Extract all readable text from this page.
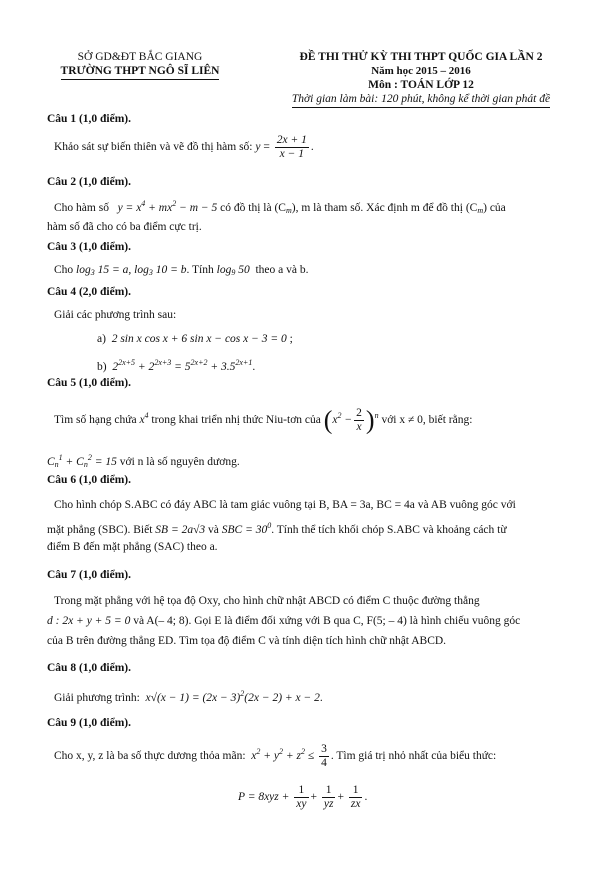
SỞ GD&ĐT BẮC GIANG
TRƯỜNG THPT NGÔ SĨ LIÊN
ĐỀ THI THỬ KỲ THI THPT QUỐC GIA LẦN 2
Năm học 2015 – 2016
Môn : TOÁN LỚP 12
Thời gian làm bài: 120 phút, không kể thời gian phát đề
Câu 1 (1,0 điểm).
Khảo sát sự biến thiên và vẽ đồ thị hàm số: $y = \frac{2x + 1}{x - 1}$ .
Câu 2 (1,0 điểm).
Cho hàm số $y = x^4 + mx^2 - m - 5$ có đồ thị là $(C_m)$, m là tham số. Xác định m để đồ thị $(C_m)$ của
hàm số đã cho có ba điểm cực trị.
Câu 3 (1,0 điểm).
Cho $\log_3 15 = a$, $\log_3 10 = b$. Tính $\log_9 50$ theo a và b.
Câu 4 (2,0 điểm).
Giải các phương trình sau:
a) 2 sin x cos x + 6 sin x − cos x − 3 = 0 ;
b) $2^{2x+5} + 2^{2x+3} = 5^{2x+2} + 3.5^{2x+1}$.
Câu 5 (1,0 điểm).
Tìm số hạng chứa $x^4$ trong khai triển nhị thức Niu-tơn của $(x^2 - \frac{2}{x} )^n$ với x ≠ 0, biết rằng:
$C_n^1 + C_n^2 = 15$ với n là số nguyên dương.
Câu 6 (1,0 điểm).
Cho hình chóp S.ABC có đáy ABC là tam giác vuông tại B, BA = 3a, BC = 4a và AB vuông góc với
mặt phẳng (SBC). Biết SB = 2a√3 và SBC = $30^0$. Tính thể tích khối chóp S.ABC và khoảng cách từ
điểm B đến mặt phẳng (SAC) theo a.
Câu 7 (1,0 điểm).
Trong mặt phẳng với hệ tọa độ Oxy, cho hình chữ nhật ABCD có điểm C thuộc đường thẳng
d : 2x + y + 5 = 0 và A(– 4; 8). Gọi E là điểm đối xứng với B qua C, F(5; – 4) là hình chiếu vuông góc
của B trên đường thẳng ED. Tìm tọa độ điểm C và tính diện tích hình chữ nhật ABCD.
Câu 8 (1,0 điểm).
Giải phương trình: $x√(x - 1) = (2x - 3)^2(2x - 2) + x - 2$.
Câu 9 (1,0 điểm).
Cho x, y, z là ba số thực dương thỏa mãn: $x^2 + y^2 + z^2 \le \frac{3}{4}$ . Tìm giá trị nhỏ nhất của biểu thức:
$P = 8xyz + \frac{1}{xy} + \frac{1}{yz} + \frac{1}{zx}$ .
